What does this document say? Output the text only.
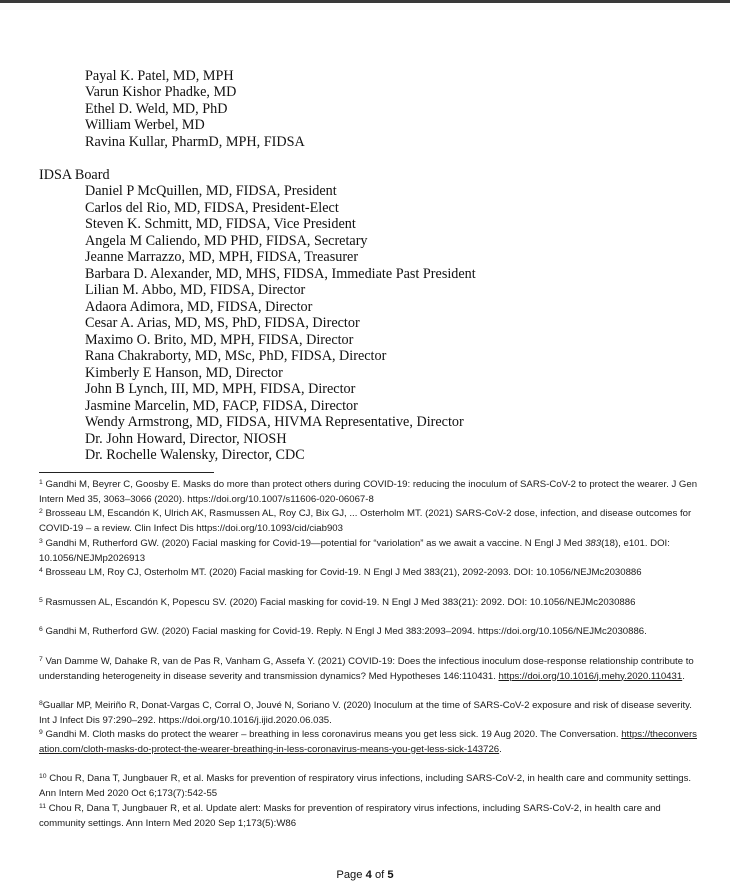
Payal K. Patel, MD, MPH
Varun Kishor Phadke, MD
Ethel D. Weld, MD, PhD
William Werbel, MD
Ravina Kullar, PharmD, MPH, FIDSA
IDSA Board
Daniel P McQuillen, MD, FIDSA, President
Carlos del Rio, MD, FIDSA, President-Elect
Steven K. Schmitt, MD, FIDSA, Vice President
Angela M Caliendo, MD PHD, FIDSA, Secretary
Jeanne Marrazzo, MD, MPH, FIDSA, Treasurer
Barbara D. Alexander, MD, MHS, FIDSA, Immediate Past President
Lilian M. Abbo, MD, FIDSA, Director
Adaora Adimora, MD, FIDSA, Director
Cesar A. Arias, MD, MS, PhD, FIDSA, Director
Maximo O. Brito, MD, MPH, FIDSA, Director
Rana Chakraborty, MD, MSc, PhD, FIDSA, Director
Kimberly E Hanson, MD, Director
John B Lynch, III, MD, MPH, FIDSA, Director
Jasmine Marcelin, MD, FACP, FIDSA, Director
Wendy Armstrong, MD, FIDSA, HIVMA Representative, Director
Dr. John Howard, Director, NIOSH
Dr. Rochelle Walensky, Director, CDC
$^1$ Gandhi M, Beyrer C, Goosby E. Masks do more than protect others during COVID-19: reducing the inoculum of SARS-CoV-2 to protect the wearer. J Gen Intern Med 35, 3063–3066 (2020). https://doi.org/10.1007/s11606-020-06067-8
$^2$ Brosseau LM, Escandón K, Ulrich AK, Rasmussen AL, Roy CJ, Bix GJ, ... Osterholm MT. (2021) SARS-CoV-2 dose, infection, and disease outcomes for COVID-19 – a review. Clin Infect Dis https://doi.org/10.1093/cid/ciab903
$^3$ Gandhi M, Rutherford GW. (2020) Facial masking for Covid-19—potential for “variolation” as we await a vaccine. N Engl J Med 383(18), e101. DOI: 10.1056/NEJMp2026913
$^4$ Brosseau LM, Roy CJ, Osterholm MT. (2020) Facial masking for Covid-19. N Engl J Med 383(21), 2092-2093. DOI: 10.1056/NEJMc2030886
$^5$ Rasmussen AL, Escandón K, Popescu SV. (2020) Facial masking for covid-19. N Engl J Med 383(21): 2092. DOI: 10.1056/NEJMc2030886
$^6$ Gandhi M, Rutherford GW. (2020) Facial masking for Covid-19. Reply. N Engl J Med 383:2093–2094. https://doi.org/10.1056/NEJMc2030886.
$^7$ Van Damme W, Dahake R, van de Pas R, Vanham G, Assefa Y. (2021) COVID-19: Does the infectious inoculum dose-response relationship contribute to understanding heterogeneity in disease severity and transmission dynamics? Med Hypotheses 146:110431. https://doi.org/10.1016/j.mehy.2020.110431.
$^8$Guallar MP, Meiriño R, Donat-Vargas C, Corral O, Jouvé N, Soriano V. (2020) Inoculum at the time of SARS-CoV-2 exposure and risk of disease severity. Int J Infect Dis 97:290–292. https://doi.org/10.1016/j.ijid.2020.06.035.
$^9$ Gandhi M. Cloth masks do protect the wearer – breathing in less coronavirus means you get less sick. 19 Aug 2020. The Conversation. https://theconversation.com/cloth-masks-do-protect-the-wearer-breathing-in-less-coronavirus-means-you-get-less-sick-143726.
$^{10}$ Chou R, Dana T, Jungbauer R, et al. Masks for prevention of respiratory virus infections, including SARS-CoV-2, in health care and community settings. Ann Intern Med 2020 Oct 6;173(7):542-55
$^{11}$ Chou R, Dana T, Jungbauer R, et al. Update alert: Masks for prevention of respiratory virus infections, including SARS-CoV-2, in health care and community settings. Ann Intern Med 2020 Sep 1;173(5):W86
Page 4 of 5
